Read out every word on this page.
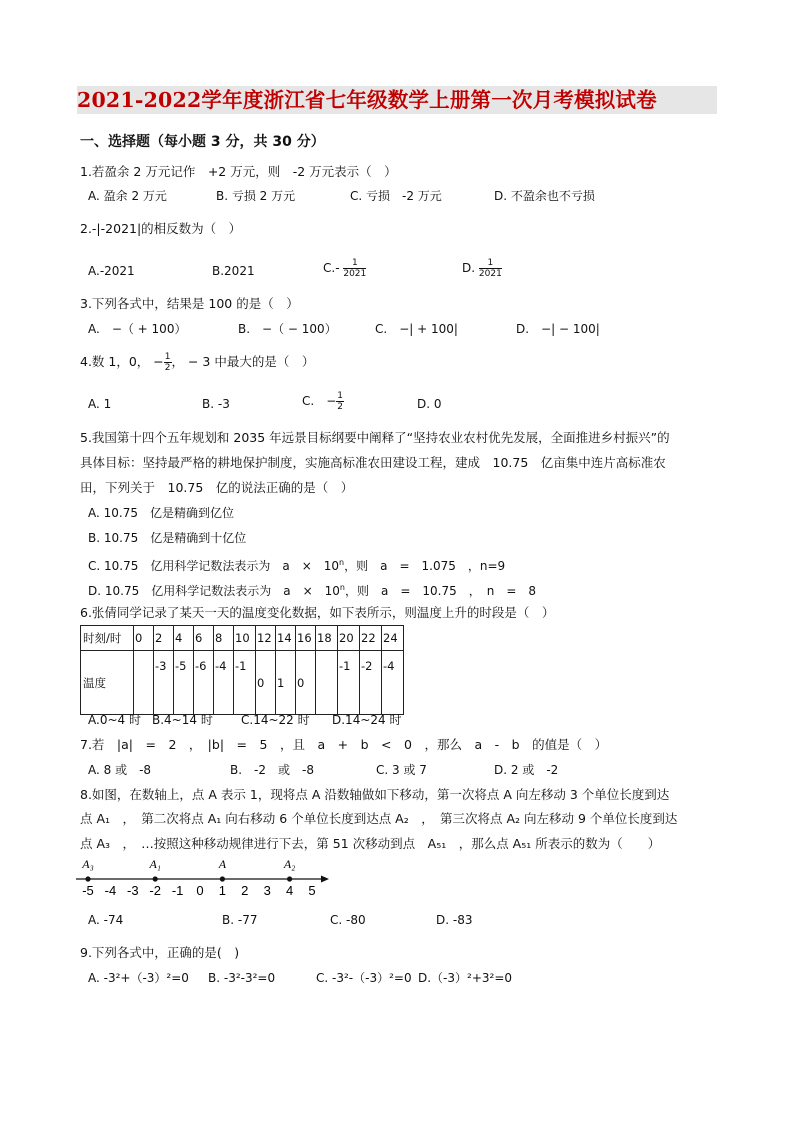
2021-2022学年度浙江省七年级数学上册第一次月考模拟试卷
一、选择题（每小题 3 分，共 30 分）
1.若盈余 2 万元记作　+2 万元，则　-2 万元表示（　）
A. 盈余 2 万元	B. 亏损 2 万元	C. 亏损　-2 万元	D. 不盈余也不亏损
2.-|-2021|的相反数为（　）
A.-2021	B.2021	$C.- \frac{1}{2021}$	D. $\frac{1}{2021}$
3.下列各式中，结果是 100 的是（　）
A.　−（ + 100）	B.　−（ − 100）	C.　−| + 100|	D.　−| − 100|
4.数 1，0， − $\frac{1}{2}$ ， − 3 中最大的是（　）
A. 1	B. -3	C.　− $\frac{1}{2}$	D. 0
5.我国第十四个五年规划和 2035 年远景目标纲要中阐释了“坚持农业农村优先发展，全面推进乡村振兴”的
具体目标：坚持最严格的耕地保护制度，实施高标准农田建设工程，建成　10.75　亿亩集中连片高标准农
田，下列关于　10.75　亿的说法正确的是（　）
A. 10.75　亿是精确到亿位
B. 10.75　亿是精确到十亿位
C. 10.75　亿用科学记数法表示为　a　×　$10^n$，则　a　=　1.075　，n=9
D. 10.75　亿用科学记数法表示为　a　×　$10^n$，则　a　=　10.75　，　n　=　8
6.张倩同学记录了某天一天的温度变化数据，如下表所示，则温度上升的时段是（　）
时刻/时	0	2	4	6	8	10	12	14	16	18	20	22	24
温度		-3	-5	-6	-4	-1	0	1	0		-1	-2	-4
A.0~4 时 B.4~14 时 C.14~22 时 D.14~24 时
7.若　|a|　=　2　，　|b|　=　5　，且　a　+　b　<　0　，那么　a　-　b　的值是（　）
A. 8 或　-8	B.　-2　或　-8	C. 3 或 7	D. 2 或　-2
8.如图，在数轴上，点 A 表示 1，现将点 A 沿数轴做如下移动，第一次将点 A 向左移动 3 个单位长度到达
点 A₁　，　第二次将点 A₁ 向右移动 6 个单位长度到达点 A₂　，　第三次将点 A₂ 向左移动 9 个单位长度到达
点 A₃　，　…按照这种移动规律进行下去，第 51 次移动到点　A₅₁　，那么点 A₅₁ 所表示的数为（　　）
-5 -4 -3 -2 -1 0 1 2 3 4 5
A₃	A₁	A	A₂
A. -74	B. -77	C. -80	D. -83
9.下列各式中，正确的是(　)
A. -3²+（-3）²=0 B. -3²-3²=0	C. -3²-（-3）²=0 D.（-3）²+3²=0
